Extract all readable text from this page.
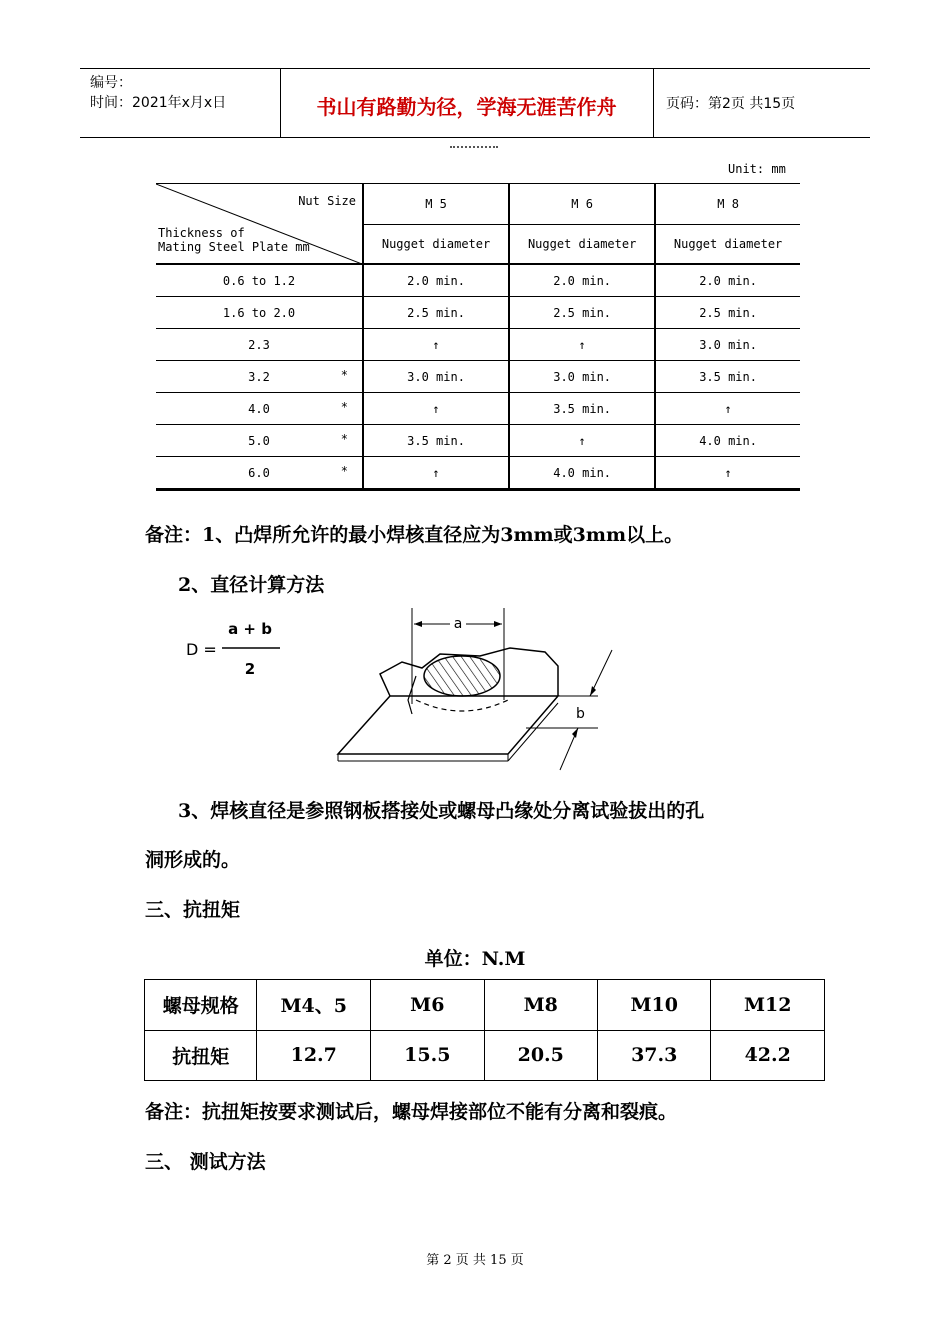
编号：
时间：2021年x月x日	书山有路勤为径，学海无涯苦作舟	页码：第2页 共15页
Unit: mm
Nut Size
Thickness of
Mating Steel Plate mm	M 5	M 6	M 8
	Nugget diameter	Nugget diameter	Nugget diameter
0.6 to 1.2	2.0 min.	2.0 min.	2.0 min.
1.6 to 2.0	2.5 min.	2.5 min.	2.5 min.
2.3	↑	↑	3.0 min.
3.2 *	3.0 min.	3.0 min.	3.5 min.
4.0 *	↑	3.5 min.	↑
5.0 *	3.5 min.	↑	4.0 min.
6.0 *	↑	4.0 min.	↑
备注：1、凸焊所允许的最小焊核直径应为3mm或3mm以上。
2、直径计算方法
D =
a + b
2
a
b
3、焊核直径是参照钢板搭接处或螺母凸缘处分离试验拔出的孔
洞形成的。
三、抗扭矩
单位：N.M
螺母规格	M4、5	M6	M8	M10	M12
抗扭矩	12.7	15.5	20.5	37.3	42.2
备注：抗扭矩按要求测试后，螺母焊接部位不能有分离和裂痕。
三、 测试方法
第 2 页 共 15 页
